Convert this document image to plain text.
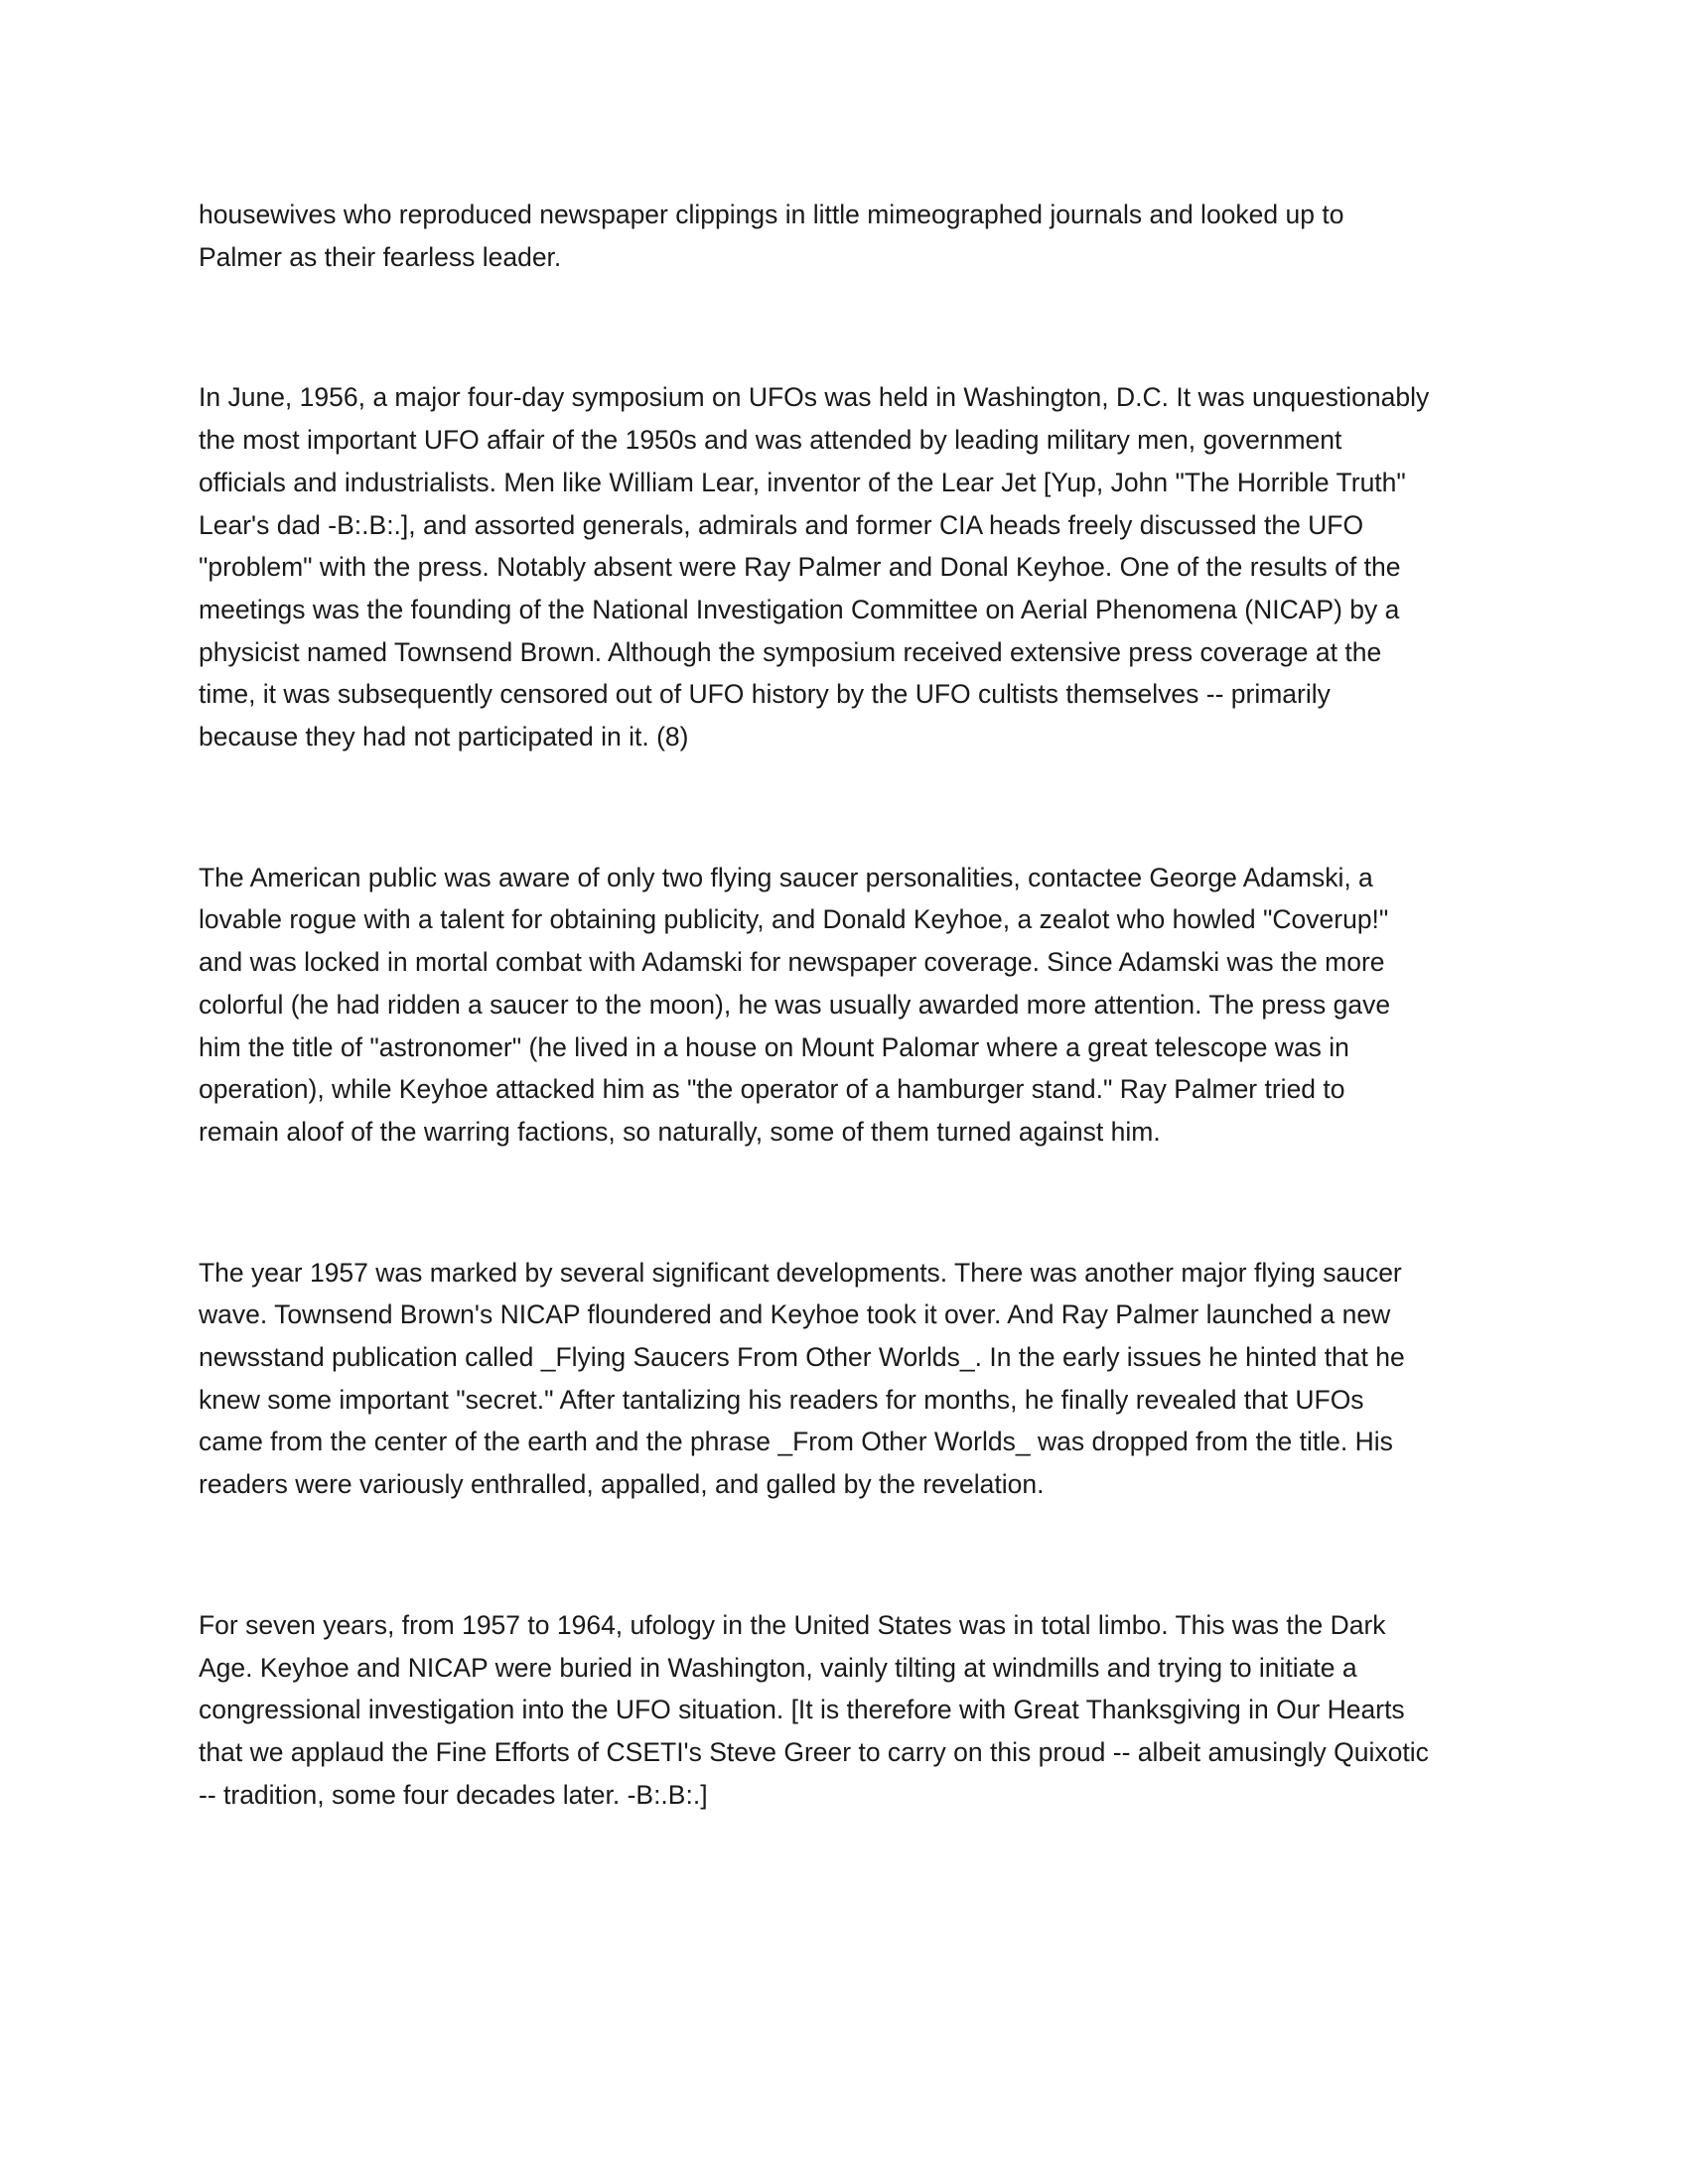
housewives who reproduced newspaper clippings in little mimeographed journals and looked up to
Palmer as their fearless leader.

In June, 1956, a major four-day symposium on UFOs was held in Washington, D.C. It was unquestionably
the most important UFO affair of the 1950s and was attended by leading military men, government
officials and industrialists. Men like William Lear, inventor of the Lear Jet [Yup, John "The Horrible Truth"
Lear's dad -B:.B:.], and assorted generals, admirals and former CIA heads freely discussed the UFO
"problem" with the press. Notably absent were Ray Palmer and Donal Keyhoe. One of the results of the
meetings was the founding of the National Investigation Committee on Aerial Phenomena (NICAP) by a
physicist named Townsend Brown. Although the symposium received extensive press coverage at the
time, it was subsequently censored out of UFO history by the UFO cultists themselves -- primarily
because they had not participated in it. (8)

The American public was aware of only two flying saucer personalities, contactee George Adamski, a
lovable rogue with a talent for obtaining publicity, and Donald Keyhoe, a zealot who howled "Coverup!"
and was locked in mortal combat with Adamski for newspaper coverage. Since Adamski was the more
colorful (he had ridden a saucer to the moon), he was usually awarded more attention. The press gave
him the title of "astronomer" (he lived in a house on Mount Palomar where a great telescope was in
operation), while Keyhoe attacked him as "the operator of a hamburger stand." Ray Palmer tried to
remain aloof of the warring factions, so naturally, some of them turned against him.

The year 1957 was marked by several significant developments. There was another major flying saucer
wave. Townsend Brown's NICAP floundered and Keyhoe took it over. And Ray Palmer launched a new
newsstand publication called _Flying Saucers From Other Worlds_. In the early issues he hinted that he
knew some important "secret." After tantalizing his readers for months, he finally revealed that UFOs
came from the center of the earth and the phrase _From Other Worlds_ was dropped from the title. His
readers were variously enthralled, appalled, and galled by the revelation.

For seven years, from 1957 to 1964, ufology in the United States was in total limbo. This was the Dark
Age. Keyhoe and NICAP were buried in Washington, vainly tilting at windmills and trying to initiate a
congressional investigation into the UFO situation. [It is therefore with Great Thanksgiving in Our Hearts
that we applaud the Fine Efforts of CSETI's Steve Greer to carry on this proud -- albeit amusingly Quixotic
-- tradition, some four decades later. -B:.B:.]
